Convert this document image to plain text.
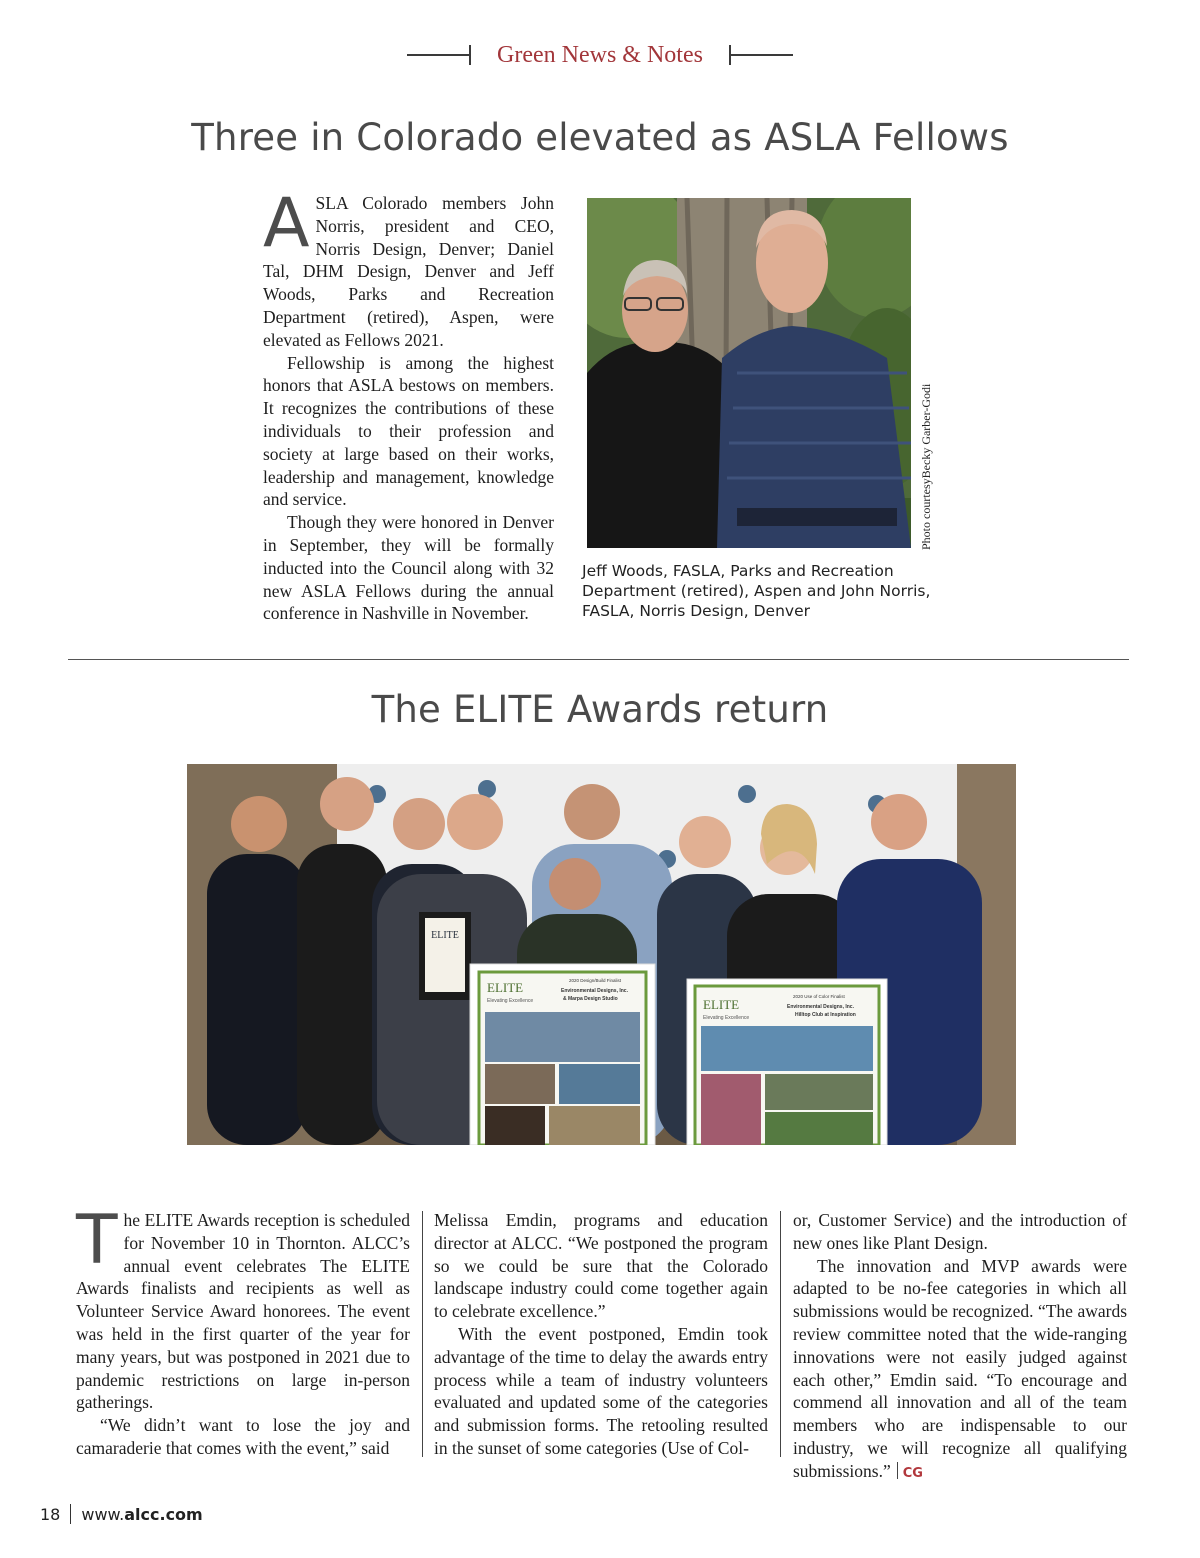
Green News & Notes
Three in Colorado elevated as ASLA Fellows

ASLA Colorado members John Norris, president and CEO, Norris Design, Denver; Daniel Tal, DHM Design, Denver and Jeff Woods, Parks and Recreation Department (retired), Aspen, were elevated as Fellows 2021.

Fellowship is among the highest honors that ASLA bestows on members. It recognizes the contributions of these individuals to their profession and society at large based on their works, leadership and management, knowledge and service.

Though they were honored in Denver in September, they will be formally inducted into the Council along with 32 new ASLA Fellows during the annual conference in Nashville in November.

Photo courtesyBecky Garber-Godi
Jeff Woods, FASLA, Parks and Recreation Department (retired), Aspen and John Norris, FASLA, Norris Design, Denver
The ELITE Awards return
ELITE
ELITE
Elevating Excellence
2020 Design/Build Finalist
Environmental Designs, Inc.
& Marpa Design Studio	ELITE
Elevating Excellence
2020 Use of Color Finalist
Environmental Designs, Inc.
Hilltop Club at Inspiration

The ELITE Awards reception is scheduled for November 10 in Thornton. ALCC’s annual event celebrates The ELITE Awards finalists and recipients as well as Volunteer Service Award honorees. The event was held in the first quarter of the year for many years, but was postponed in 2021 due to pandemic restrictions on large in-person gatherings.

“We didn’t want to lose the joy and camaraderie that comes with the event,” said

Melissa Emdin, programs and education director at ALCC. “We postponed the program so we could be sure that the Colorado landscape industry could come together again to celebrate excellence.”

With the event postponed, Emdin took advantage of the time to delay the awards entry process while a team of industry volunteers evaluated and updated some of the categories and submission forms. The retooling resulted in the sunset of some categories (Use of Col-

or, Customer Service) and the introduction of new ones like Plant Design.

The innovation and MVP awards were adapted to be no-fee categories in which all submissions would be recognized. “The awards review committee noted that the wide-ranging innovations were not easily judged against each other,” Emdin said. “To encourage and commend all innovation and all of the team members who are indispensable to our industry, we will recognize all qualifying submissions.” CG

18 www. alcc.com
